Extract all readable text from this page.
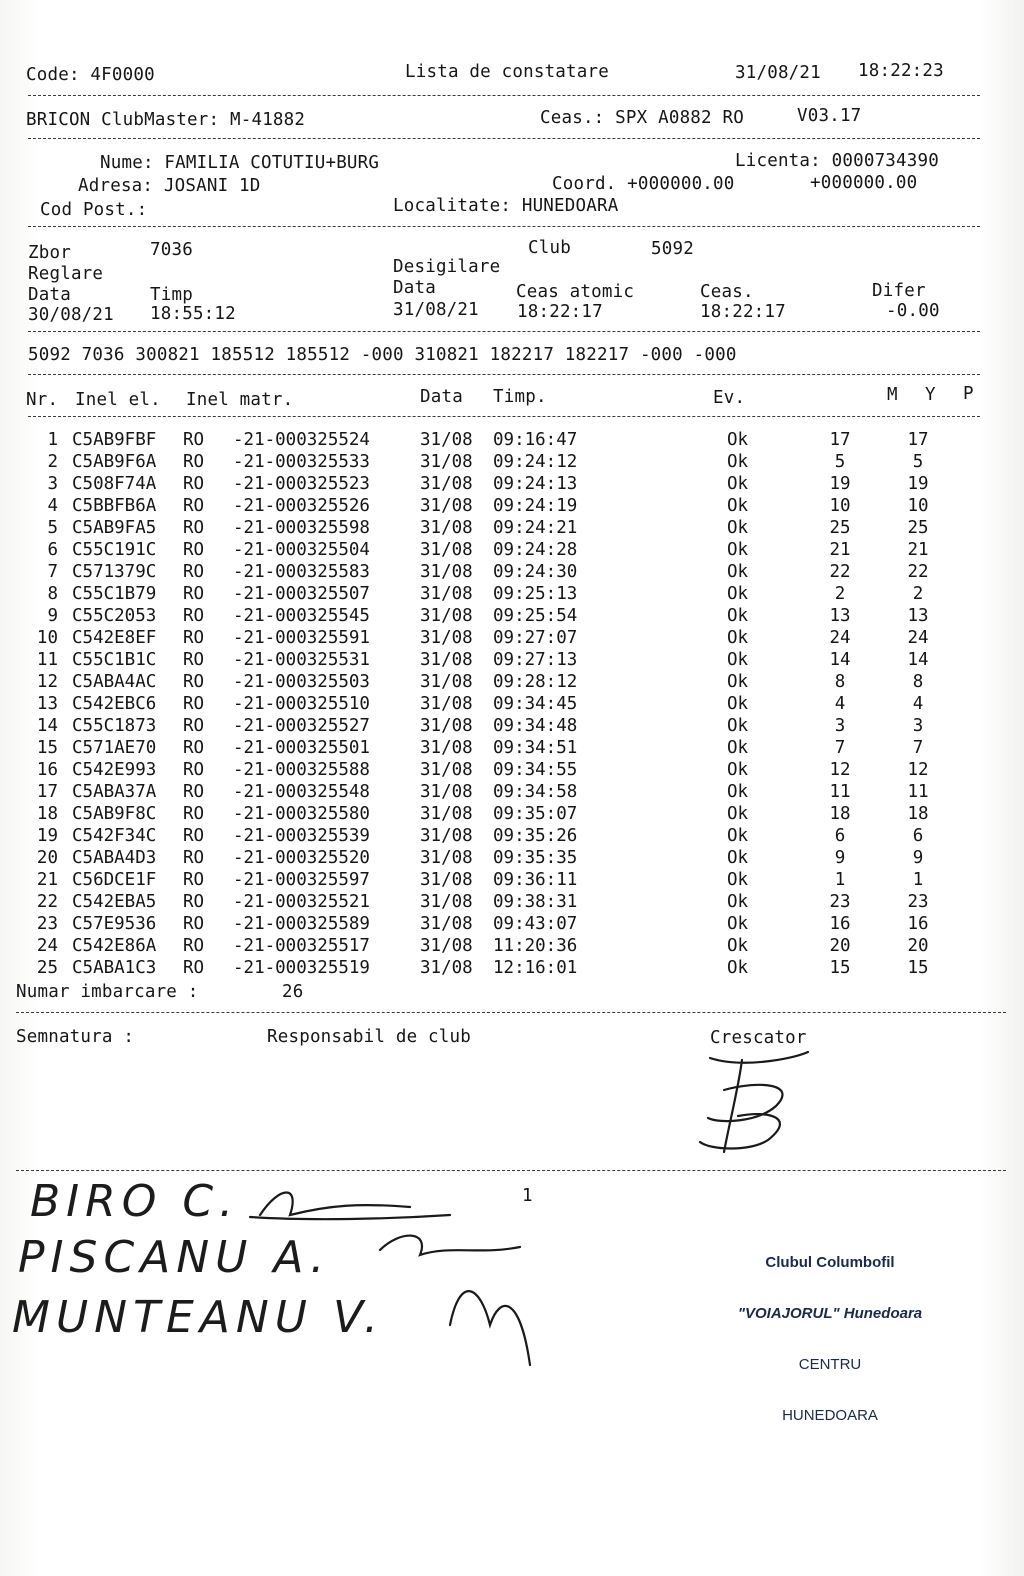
Code: 4F0000	Lista de constatare	31/08/21 18:22:23
BRICON ClubMaster: M-41882	Ceas.: SPX A0882 RO	V03.17
Nume: FAMILIA COTUTIU+BURG	Licenta: 0000734390
Adresa: JOSANI 1D	Coord. +000000.00	+000000.00
Cod Post.:	Localitate: HUNEDOARA
Zbor	7036	Club	5092
Reglare	Desigilare
Data	Timp	Data	Ceas atomic	Ceas.	Difer
30/08/21 18:55:12	31/08/21 18:22:17	18:22:17	-0.00
5092 7036 300821 185512 185512 -000 310821 182217 182217 -000 -000
Nr. Inel el. Inel matr.	Data Timp.	Ev.	M Y P
1 C5AB9FBF RO -21-000325524	31/08 09:16:47	Ok	17	17
2 C5AB9F6A RO -21-000325533	31/08 09:24:12	Ok	5	5
3 C508F74A RO -21-000325523	31/08 09:24:13	Ok	19	19
4 C5BBFB6A RO -21-000325526	31/08 09:24:19	Ok	10	10
5 C5AB9FA5 RO -21-000325598	31/08 09:24:21	Ok	25	25
6 C55C191C RO -21-000325504	31/08 09:24:28	Ok	21	21
7 C571379C RO -21-000325583	31/08 09:24:30	Ok	22	22
8 C55C1B79 RO -21-000325507	31/08 09:25:13	Ok	2	2
9 C55C2053 RO -21-000325545	31/08 09:25:54	Ok	13	13
10 C542E8EF RO -21-000325591	31/08 09:27:07	Ok	24	24
11 C55C1B1C RO -21-000325531	31/08 09:27:13	Ok	14	14
12 C5ABA4AC RO -21-000325503	31/08 09:28:12	Ok	8	8
13 C542EBC6 RO -21-000325510	31/08 09:34:45	Ok	4	4
14 C55C1873 RO -21-000325527	31/08 09:34:48	Ok	3	3
15 C571AE70 RO -21-000325501	31/08 09:34:51	Ok	7	7
16 C542E993 RO -21-000325588	31/08 09:34:55	Ok	12	12
17 C5ABA37A RO -21-000325548	31/08 09:34:58	Ok	11	11
18 C5AB9F8C RO -21-000325580	31/08 09:35:07	Ok	18	18
19 C542F34C RO -21-000325539	31/08 09:35:26	Ok	6	6
20 C5ABA4D3 RO -21-000325520	31/08 09:35:35	Ok	9	9
21 C56DCE1F RO -21-000325597	31/08 09:36:11	Ok	1	1
22 C542EBA5 RO -21-000325521	31/08 09:38:31	Ok	23	23
23 C57E9536 RO -21-000325589	31/08 09:43:07	Ok	16	16
24 C542E86A RO -21-000325517	31/08 11:20:36	Ok	20	20
25 C5ABA1C3 RO -21-000325519	31/08 12:16:01	Ok	15	15
Numar imbarcare :	26
Semnatura :	Responsabil de club	Crescator
1
BIRO C.
PISCANU A.
MUNTEANU V.

Clubul Columbofil

"VOIAJORUL" Hunedoara

CENTRU

HUNEDOARA
